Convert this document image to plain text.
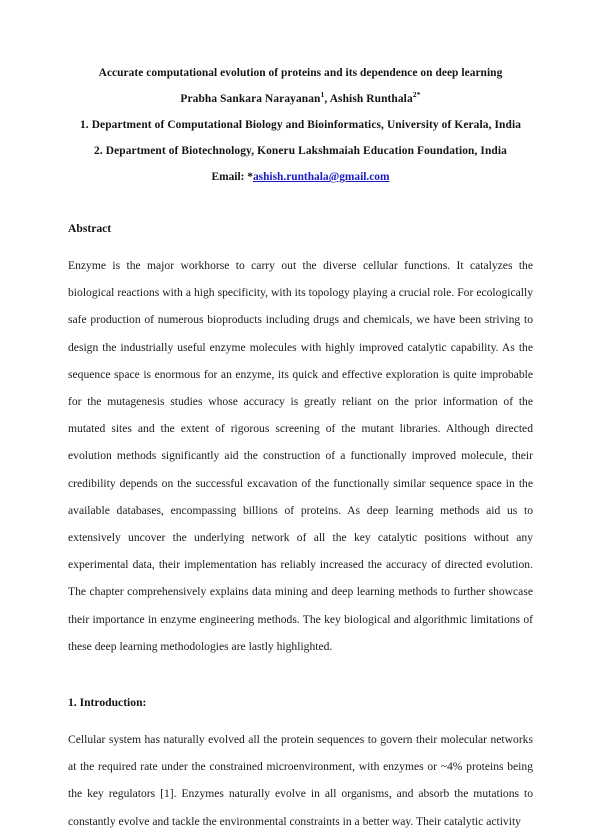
Accurate computational evolution of proteins and its dependence on deep learning
Prabha Sankara Narayanan$^1$, Ashish Runthala$^{2*}$
1. Department of Computational Biology and Bioinformatics, University of Kerala, India
2. Department of Biotechnology, Koneru Lakshmaiah Education Foundation, India
Email: *ashish.runthala@gmail.com
Abstract

Enzyme is the major workhorse to carry out the diverse cellular functions. It catalyzes the biological reactions with a high specificity, with its topology playing a crucial role. For ecologically safe production of numerous bioproducts including drugs and chemicals, we have been striving to design the industrially useful enzyme molecules with highly improved catalytic capability. As the sequence space is enormous for an enzyme, its quick and effective exploration is quite improbable for the mutagenesis studies whose accuracy is greatly reliant on the prior information of the mutated sites and the extent of rigorous screening of the mutant libraries. Although directed evolution methods significantly aid the construction of a functionally improved molecule, their credibility depends on the successful excavation of the functionally similar sequence space in the available databases, encompassing billions of proteins. As deep learning methods aid us to extensively uncover the underlying network of all the key catalytic positions without any experimental data, their implementation has reliably increased the accuracy of directed evolution. The chapter comprehensively explains data mining and deep learning methods to further showcase their importance in enzyme engineering methods. The key biological and algorithmic limitations of these deep learning methodologies are lastly highlighted.

1. Introduction:

Cellular system has naturally evolved all the protein sequences to govern their molecular networks at the required rate under the constrained microenvironment, with enzymes or ~4% proteins being the key regulators [1]. Enzymes naturally evolve in all organisms, and absorb the mutations to constantly evolve and tackle the environmental constraints in a better way. Their catalytic activity
